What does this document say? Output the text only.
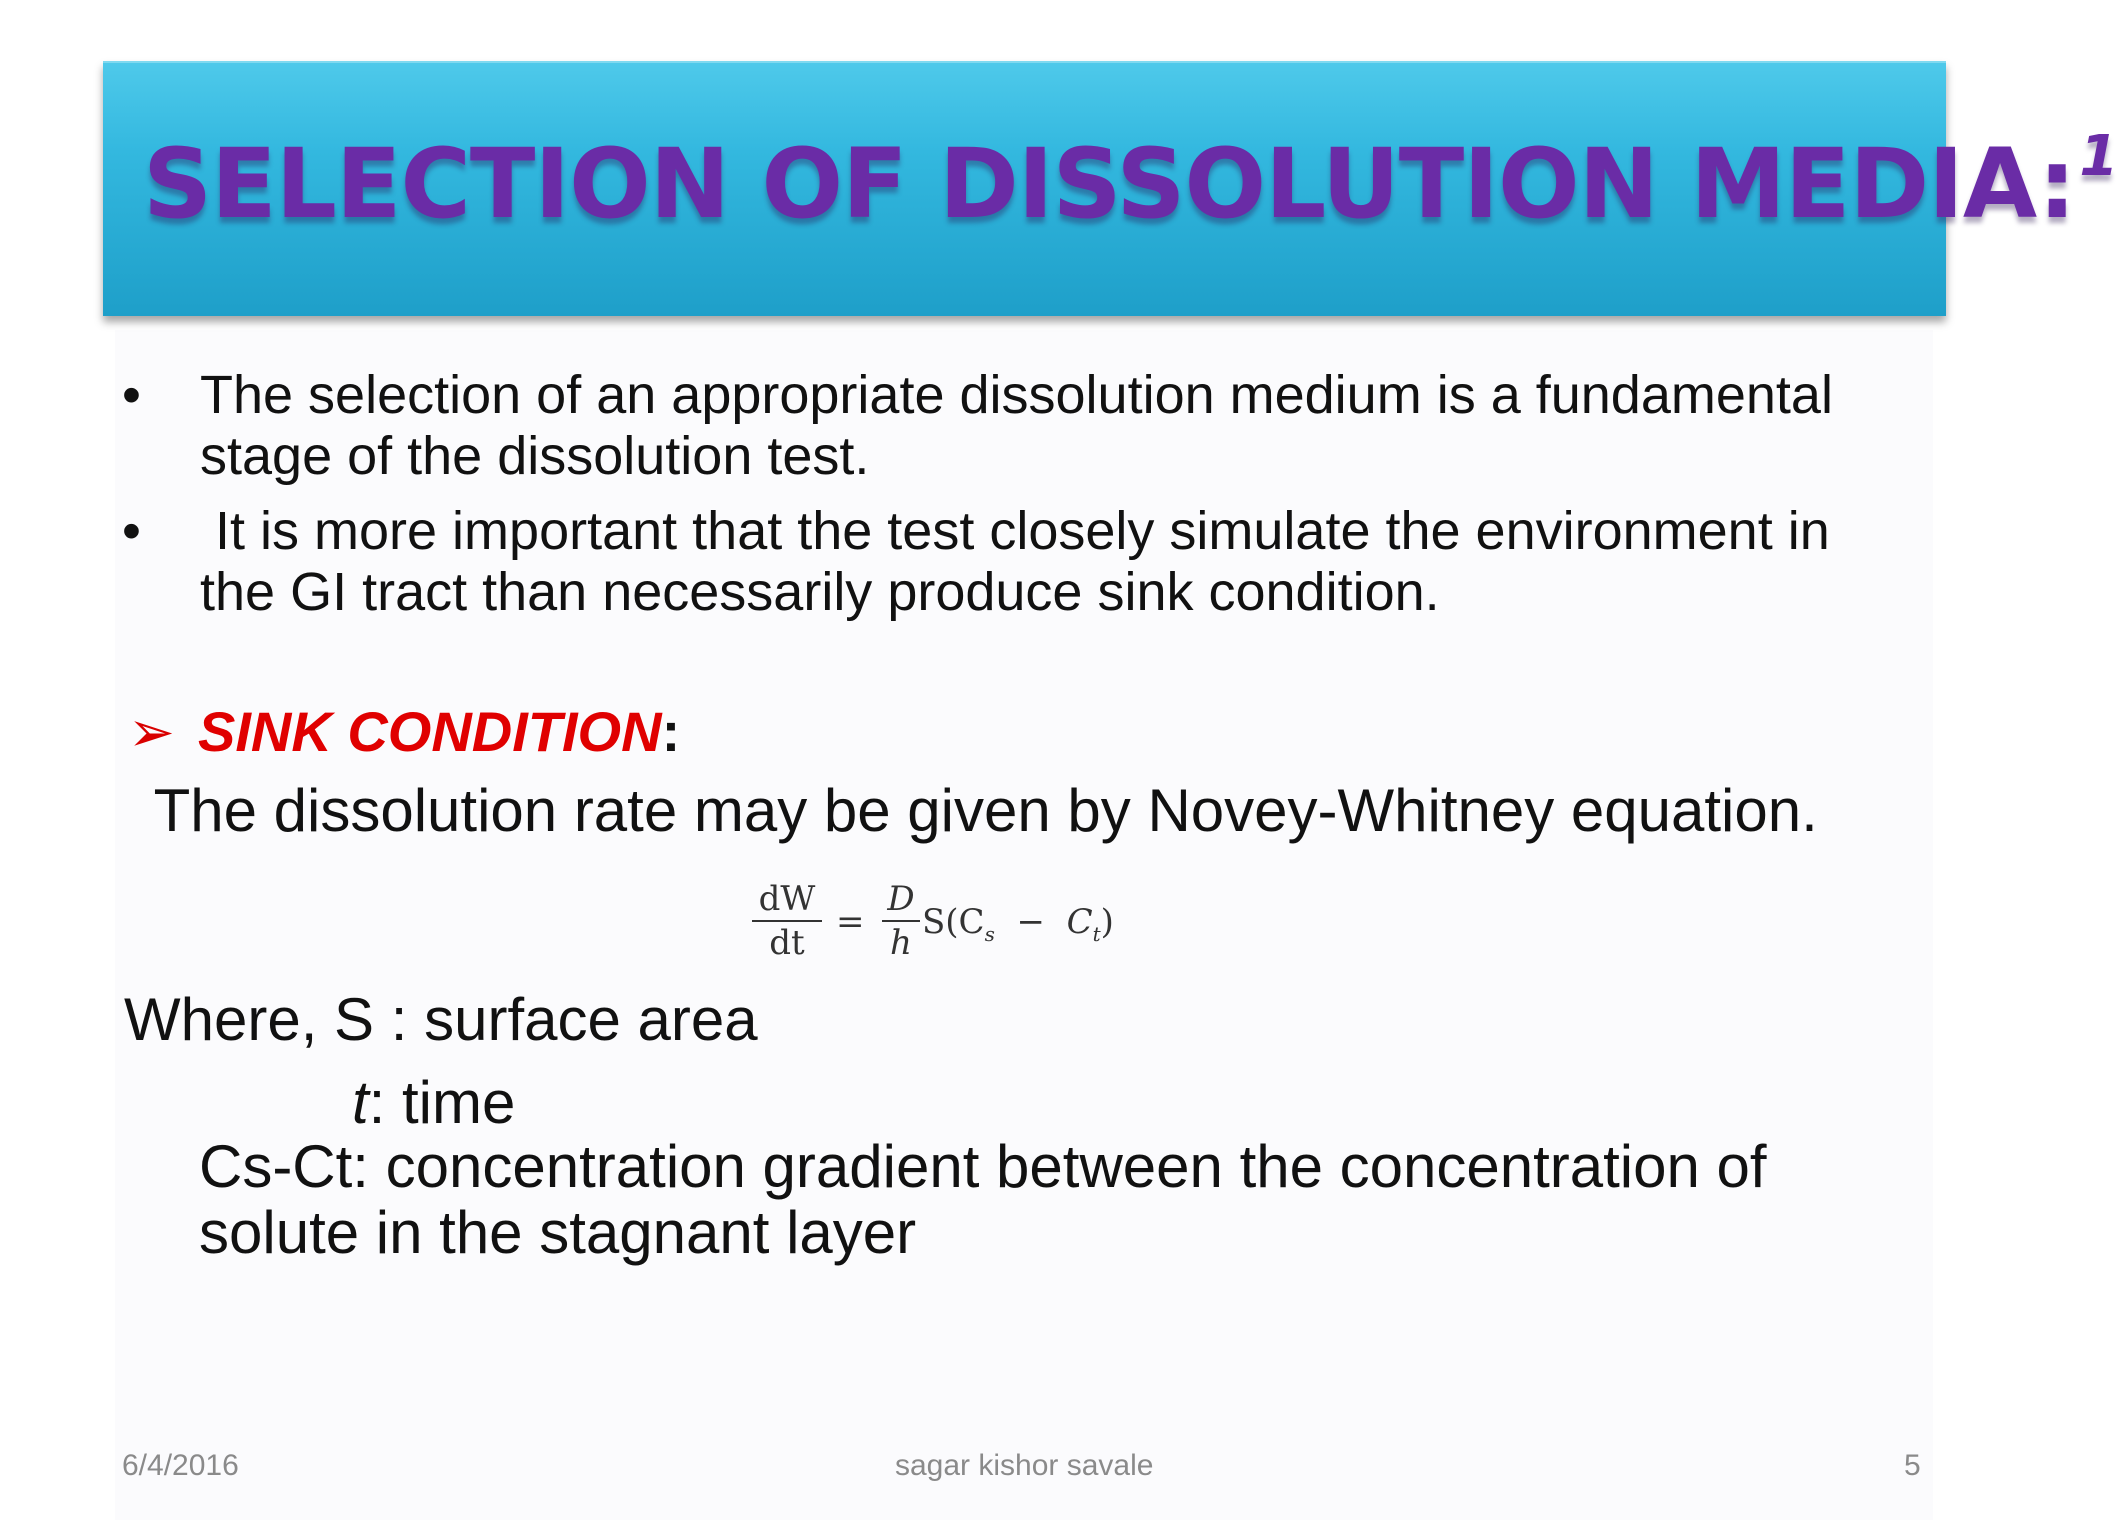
SELECTION OF DISSOLUTION MEDIA:$^1$
• The selection of an appropriate dissolution medium is a fundamental stage of the dissolution test.
• It is more important that the test closely simulate the environment in the GI tract than necessarily produce sink condition.
➢ SINK CONDITION:
The dissolution rate may be given by Novey-Whitney equation.
dW
dt
=
D
h
$S(C_s - C_t)$
Where, S : surface area
t: time
Cs-Ct: concentration gradient between the concentration of solute in the stagnant layer
6/4/2016	sagar kishor savale	5
